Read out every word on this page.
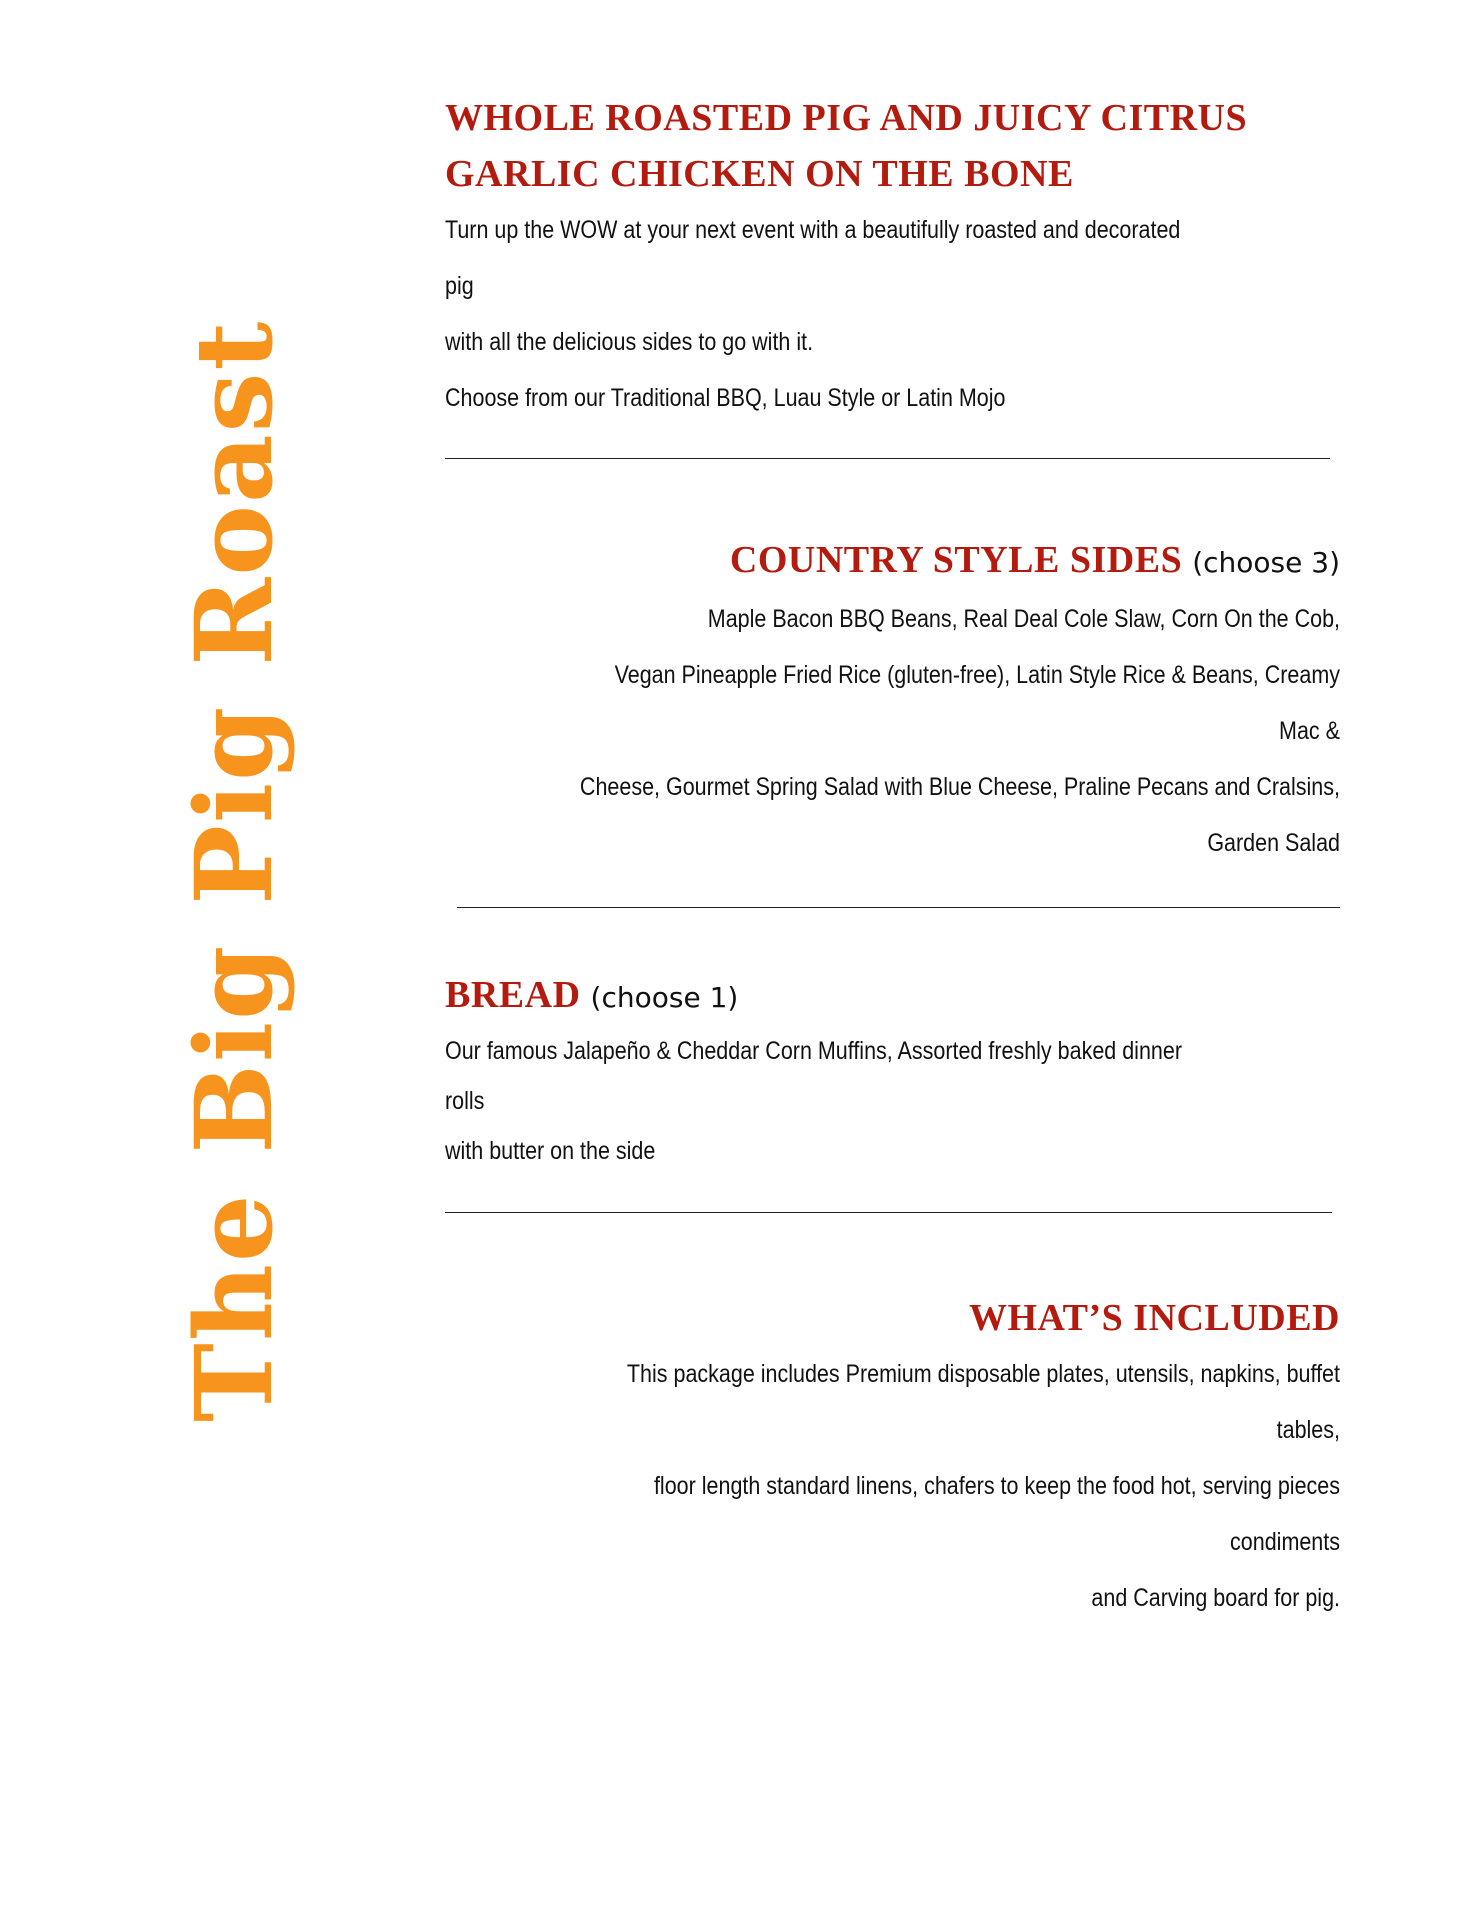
The Big Pig Roast
WHOLE ROASTED PIG AND JUICY CITRUS
GARLIC CHICKEN ON THE BONE

Turn up the WOW at your next event with a beautifully roasted and decorated pig

with all the delicious sides to go with it.

Choose from our Traditional BBQ, Luau Style or Latin Mojo

COUNTRY STYLE SIDES (choose 3)

Maple Bacon BBQ Beans, Real Deal Cole Slaw, Corn On the Cob,

Vegan Pineapple Fried Rice (gluten-free), Latin Style Rice & Beans, Creamy Mac &

Cheese, Gourmet Spring Salad with Blue Cheese, Praline Pecans and Cralsins,

Garden Salad

BREAD (choose 1)

Our famous Jalapeño & Cheddar Corn Muffins, Assorted freshly baked dinner rolls

with butter on the side

WHAT’S INCLUDED

This package includes Premium disposable plates, utensils, napkins, buffet tables,

floor length standard linens, chafers to keep the food hot, serving pieces condiments

and Carving board for pig.
